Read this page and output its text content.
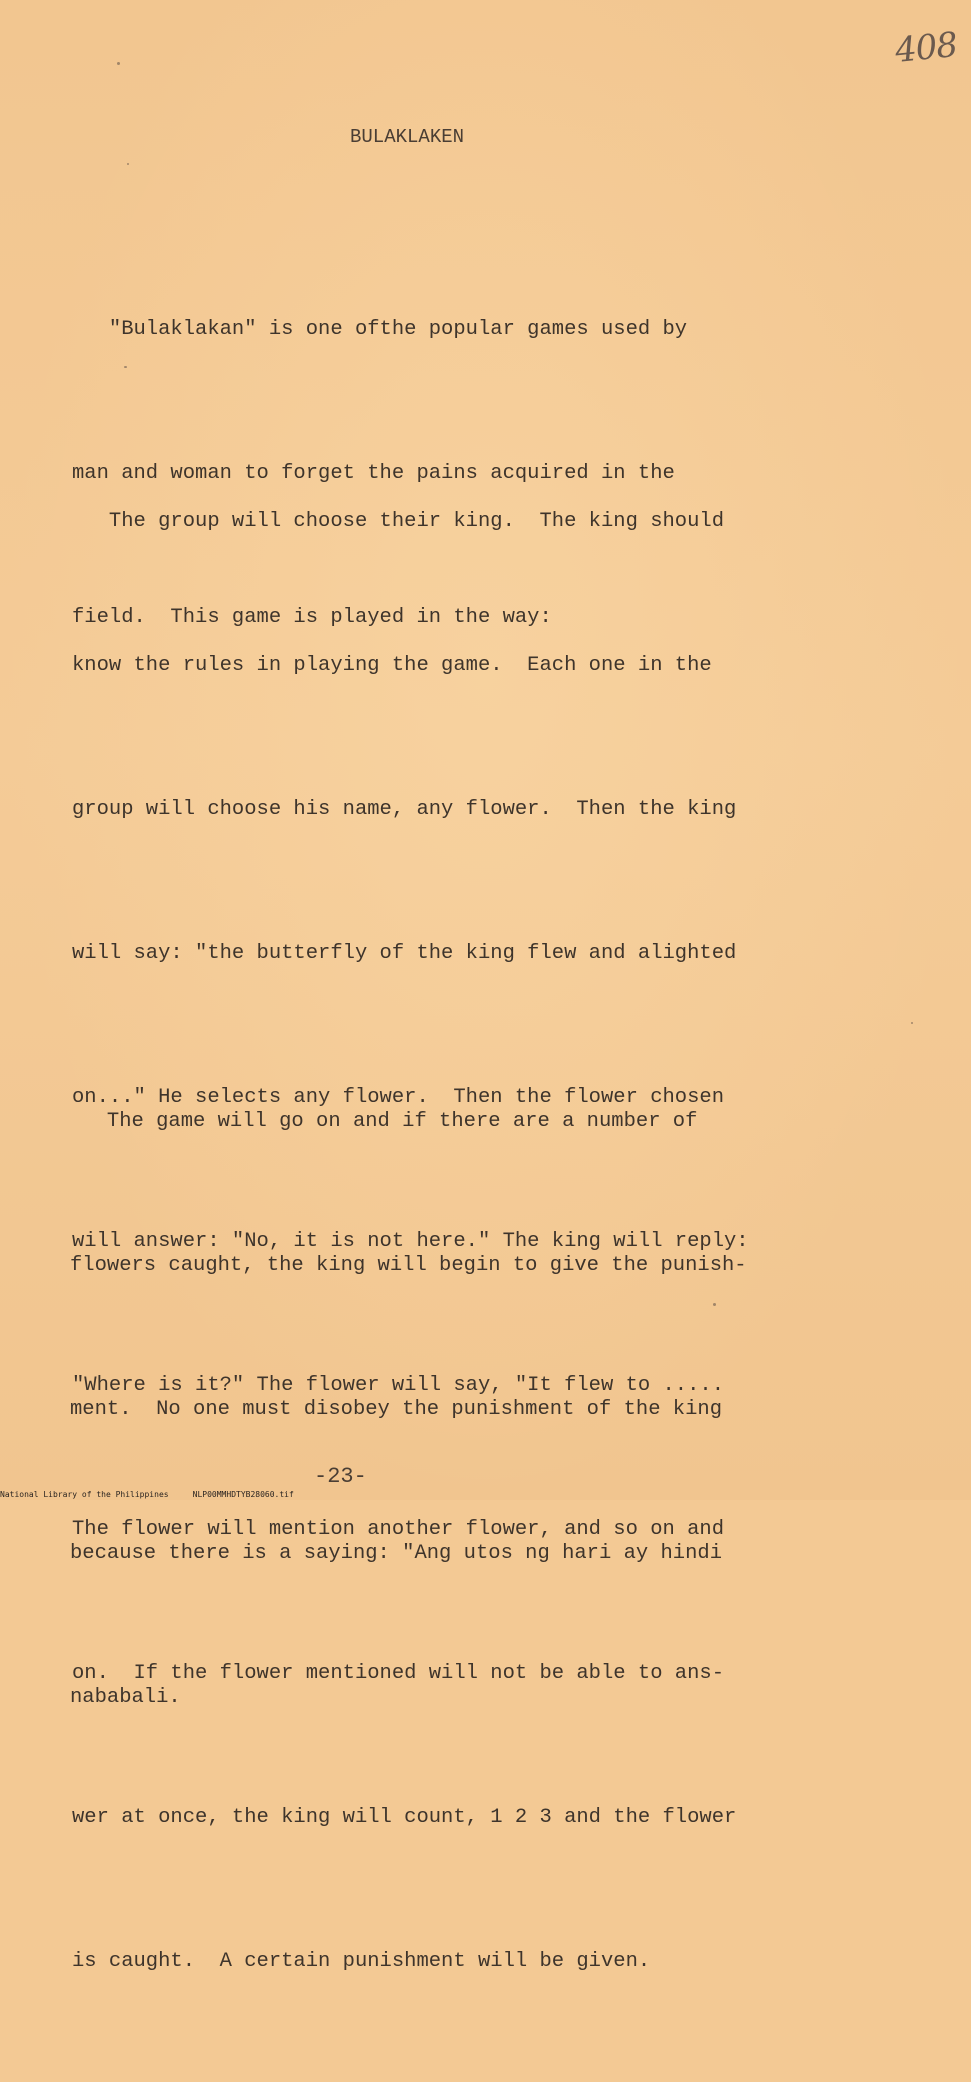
408
BULAKLAKEN

"Bulaklakan" is one ofthe popular games used by

man and woman to forget the pains acquired in the

field.  This game is played in the way:

The group will choose their king.  The king should

know the rules in playing the game.  Each one in the

group will choose his name, any flower.  Then the king

will say: "the butterfly of the king flew and alighted

on..." He selects any flower.  Then the flower chosen

will answer: "No, it is not here." The king will reply:

"Where is it?" The flower will say, "It flew to .....

The flower will mention another flower, and so on and

on.  If the flower mentioned will not be able to ans-

wer at once, the king will count, 1 2 3 and the flower

is caught.  A certain punishment will be given.

The game will go on and if there are a number of

flowers caught, the king will begin to give the punish-

ment.  No one must disobey the punishment of the king

because there is a saying: "Ang utos ng hari ay hindi

nababali.

-23-
National Library of the Philippines     NLP00MMHDTYB28060.tif
